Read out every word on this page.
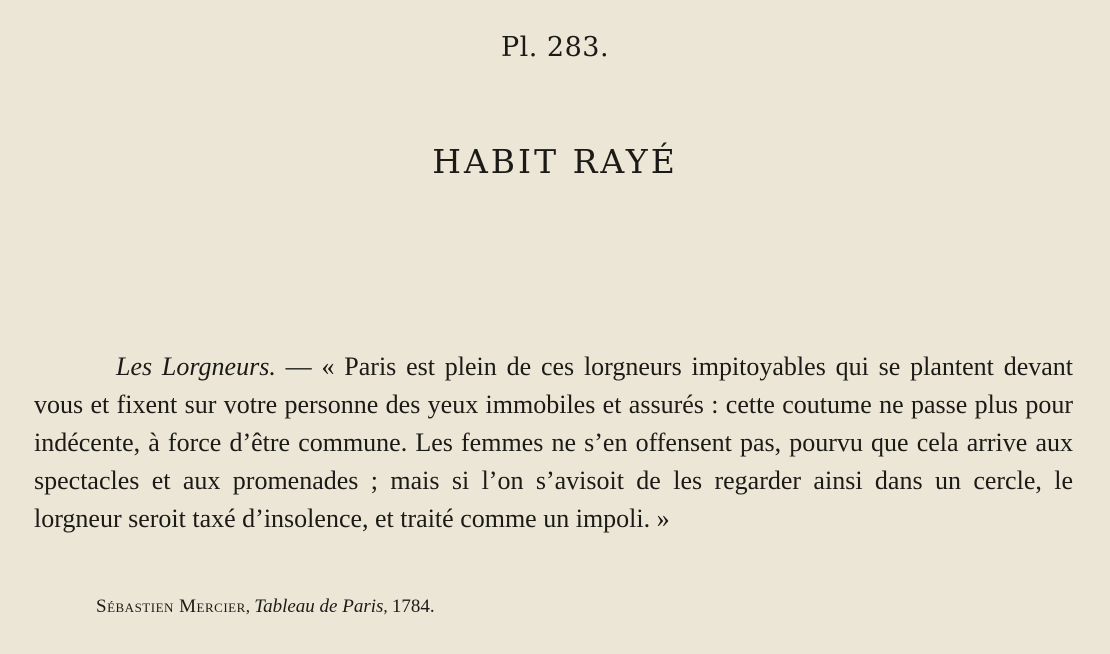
Pl. 283.
HABIT RAYÉ

Les Lorgneurs. — « Paris est plein de ces lorgneurs impitoyables qui se plantent devant vous et fixent sur votre personne des yeux immobiles et assurés : cette coutume ne passe plus pour indécente, à force d’être commune. Les femmes ne s’en offensent pas, pourvu que cela arrive aux spectacles et aux promenades ; mais si l’on s’avisoit de les regarder ainsi dans un cercle, le lorgneur seroit taxé d’insolence, et traité comme un impoli. »

Sébastien Mercier, Tableau de Paris, 1784.
